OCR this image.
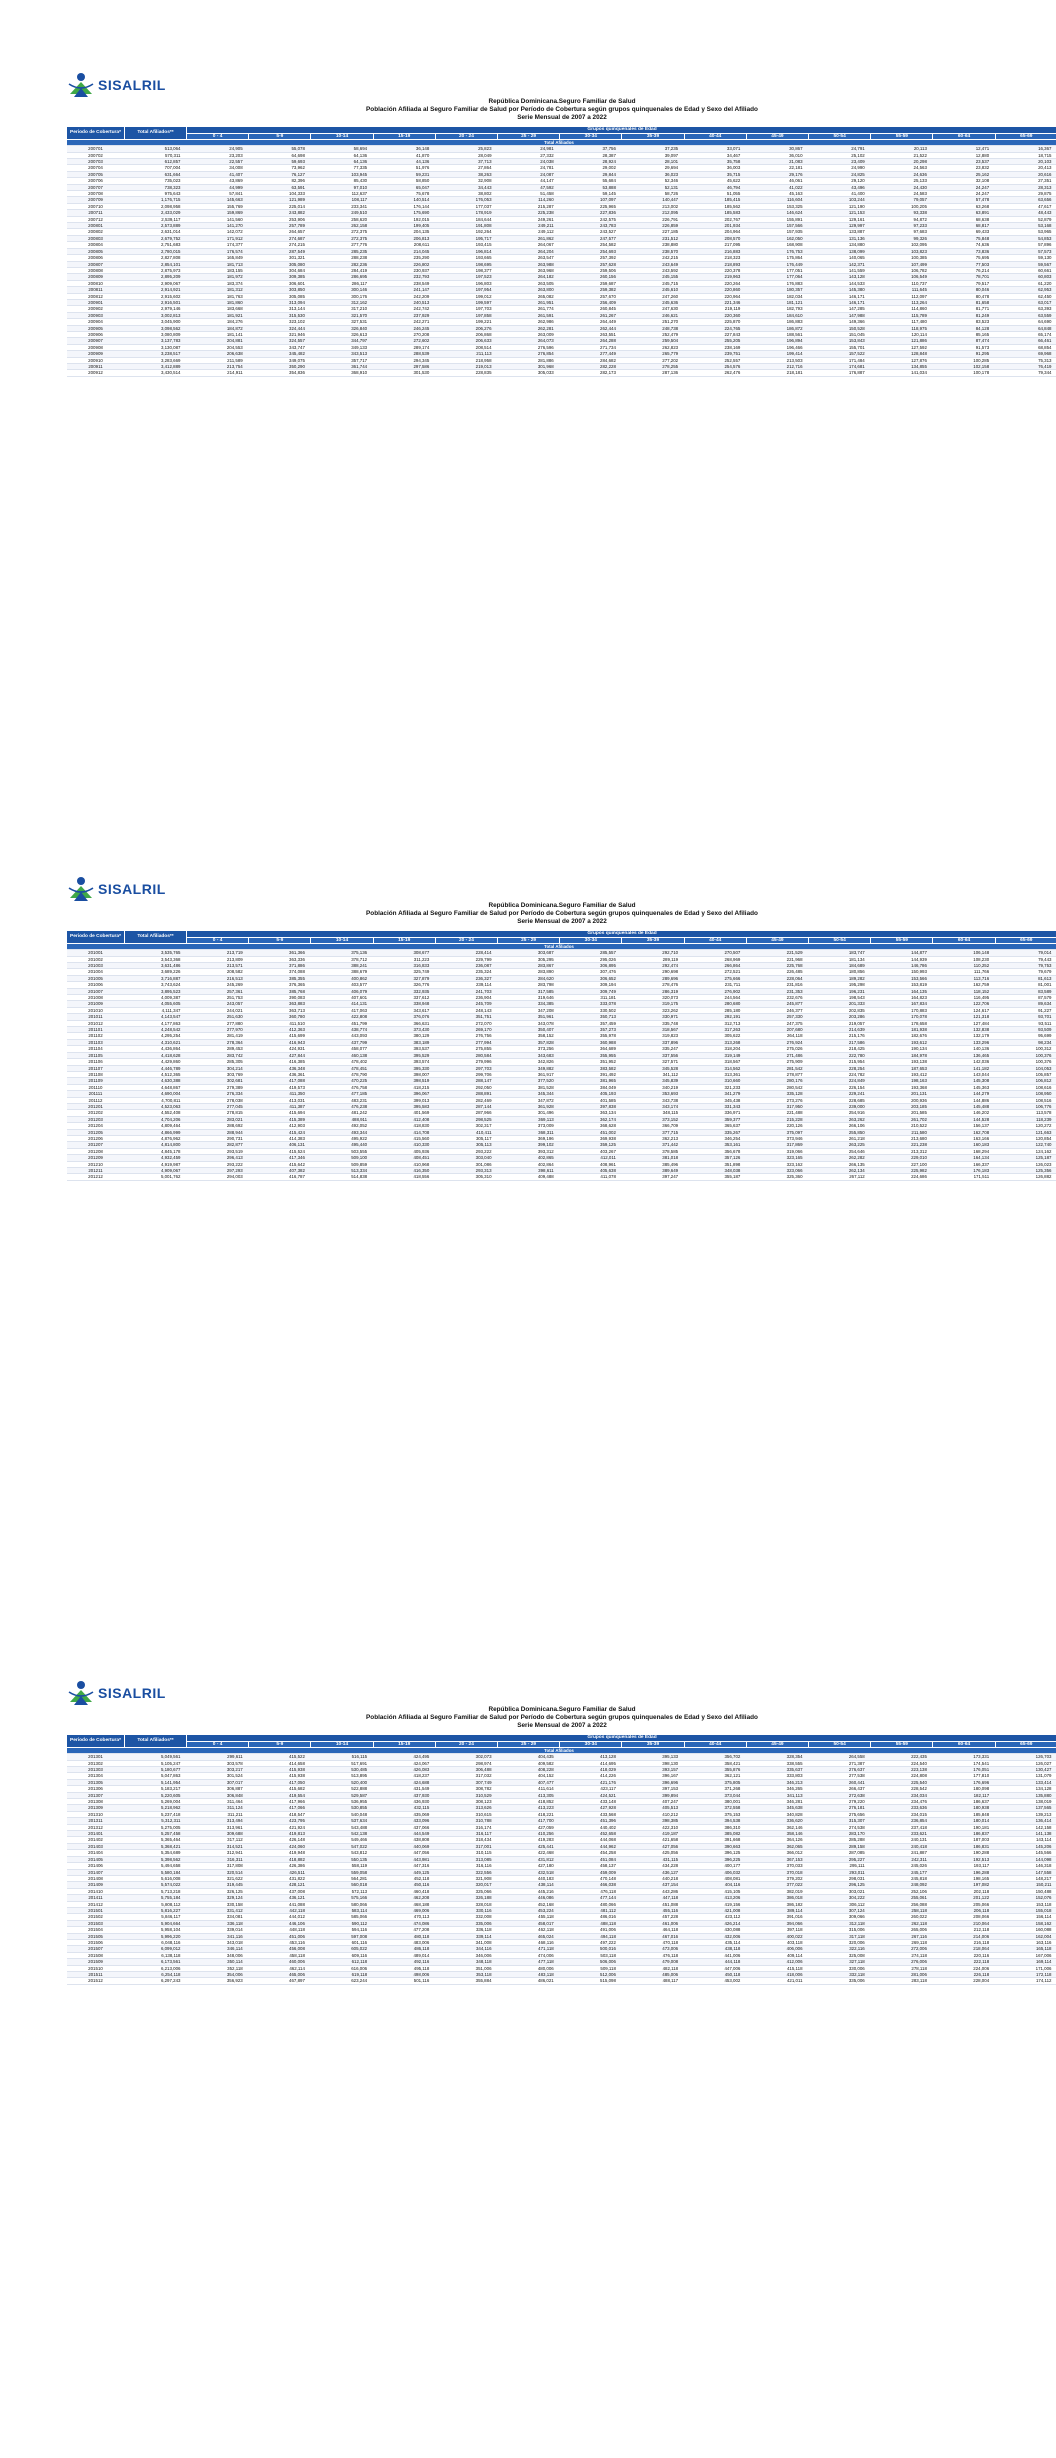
SISALRIL
República Dominicana.Seguro Familiar de Salud
Población Afiliada al Seguro Familiar de Salud por Período de Cobertura según grupos quinquenales de Edad y Sexo del Afiliado
Serie Mensual de 2007 a 2022
Periodo de Cobertura*	Total Afiliados**	Grupos quinquenales de Edad													
		0 - 4	5-9	10-14	15-19	20 - 24	25 - 29	30-34	35-39	40-44	45-49	50-54	55-59	60-64	65-69
Total Afiliados															
200701	513,064	24,905	55,078	58,694	36,148	25,823	24,981	37,756	37,235	33,071	30,867	24,791	20,113	12,471	16,367
200702	570,311	23,203	64,698	64,136	41,870	28,049	27,332	28,387	39,097	34,467	36,010	25,102	21,522	12,880	18,715
200703	612,857	22,557	59,693	64,136	44,136	37,713	24,038	28,924	28,101	35,758	21,083	23,409	20,298	23,537	20,103
200704	707,004	34,008	73,962	77,335	51,976	27,864	24,781	29,002	29,694	36,003	22,181	24,990	24,563	23,832	20,413
200705	631,664	41,407	76,127	103,945	59,231	38,263	24,087	29,844	36,023	35,715	29,176	24,825	24,636	25,162	20,616
200706	735,023	43,869	82,396	85,430	58,850	32,908	44,147	55,684	52,346	45,622	46,061	29,120	25,133	32,108	27,351
200707	738,323	44,999	63,591	97,010	65,047	34,443	47,592	53,888	52,131	46,794	41,022	43,496	24,430	24,247	28,313
200708	975,643	57,841	104,333	112,637	75,678	38,802	51,458	59,145	58,726	51,055	45,163	41,400	24,583	24,247	29,875
200709	1,176,715	145,663	121,989	108,117	140,514	176,053	114,260	107,097	140,447	185,415	116,604	103,244	79,057	57,478	63,656
200710	2,098,958	155,769	225,014	233,341	176,144	177,037	215,287	225,965	213,002	185,562	153,325	121,190	100,205	63,268	47,617
200711	2,433,029	159,869	243,882	249,510	175,690	178,919	225,238	227,836	212,095	185,583	146,624	121,153	93,338	63,891	48,443
200712	2,539,117	141,560	253,906	258,620	192,015	184,644	249,261	242,575	226,791	202,767	155,891	129,161	94,872	68,638	52,879
200801	2,573,889	141,270	257,789	262,158	199,405	191,808	249,211	243,783	226,859	201,934	157,566	129,997	97,233	68,817	53,168
200802	2,631,014	142,072	264,657	272,375	204,135	192,264	249,112	243,527	227,185	204,964	157,935	133,887	97,683	69,433	53,965
200803	2,679,752	171,912	274,687	272,375	206,813	195,717	261,862	247,577	231,512	208,570	162,050	131,136	99,326	75,848	54,853
200804	2,751,683	174,377	274,215	277,776	208,611	193,415	264,067	254,582	238,880	217,095	168,908	134,880	102,095	74,636	57,896
200805	2,780,015	176,574	287,549	285,235	214,045	196,814	264,204	254,693	238,570	216,883	176,753	138,099	103,823	73,836	57,573
200806	2,827,808	165,849	301,321	288,238	235,290	193,665	263,547	257,392	242,215	218,323	175,864	140,065	100,385	75,695	59,130
200807	2,854,101	181,713	305,080	282,236	226,802	198,695	263,988	257,628	243,649	218,893	176,449	142,371	107,499	77,503	59,567
200808	2,875,973	183,155	304,684	284,419	230,937	198,377	263,968	259,506	243,592	220,378	177,051	141,559	106,782	76,214	60,661
200809	2,895,209	181,972	309,385	286,695	232,793	197,523	264,182	260,156	245,155	219,963	177,064	143,128	106,549	78,701	60,803
200810	2,909,067	183,374	306,601	286,117	238,549	196,803	263,505	259,687	245,715	220,264	176,883	144,533	110,737	79,517	61,220
200811	2,914,921	181,312	303,850	300,146	241,147	197,954	263,800	259,382	245,610	220,860	180,357	145,380	111,645	80,046	62,953
200812	2,915,602	181,763	305,085	300,176	242,209	199,012	265,082	257,670	247,260	220,964	182,034	146,171	112,097	80,478	62,450
200901	2,916,501	181,860	313,094	312,162	240,513	199,597	261,951	256,409	245,636	221,346	181,121	146,171	113,264	81,658	63,017
200902	2,979,146	183,668	313,144	317,210	242,742	197,703	261,774	260,845	247,630	219,119	182,793	147,285	114,860	81,771	63,393
200903	3,002,813	181,921	315,530	321,570	237,929	197,858	261,591	261,267	246,621	220,360	184,610	147,988	115,789	81,249	63,559
200904	3,045,900	184,276	323,102	327,531	242,271	199,221	262,986	264,449	251,270	225,870	186,883	149,366	117,480	83,523	64,690
200905	3,098,562	184,872	324,444	326,840	246,245	206,276	262,281	262,444	248,738	224,765	186,872	150,528	118,975	84,128	64,848
200906	3,080,809	181,141	321,946	326,613	270,208	206,868	263,009	263,551	252,479	227,843	188,561	151,045	120,114	85,165	65,174
200907	3,137,783	204,881	324,557	344,797	272,602	206,633	264,073	264,288	259,504	255,205	196,894	153,843	121,886	87,474	66,461
200908	3,130,087	204,553	343,747	349,133	289,174	208,514	276,596	271,734	262,823	238,169	196,466	155,701	127,592	91,573	68,854
200909	3,238,517	206,638	345,482	343,513	288,539	211,113	276,854	277,449	265,779	239,751	199,414	157,522	128,848	91,295	69,968
200910	3,283,669	211,589	349,075	357,717	294,345	218,958	281,886	284,682	277,202	252,557	213,503	171,484	127,876	100,285	75,313
200911	3,412,889	213,754	350,290	361,744	297,586	219,013	301,968	282,228	278,255	254,576	212,716	174,681	134,855	102,158	76,419
200912	3,430,514	214,911	354,836	368,910	301,530	228,835	305,033	282,173	287,136	262,476	218,181	176,887	141,034	100,178	79,344
SISALRIL
República Dominicana.Seguro Familiar de Salud
Población Afiliada al Seguro Familiar de Salud por Período de Cobertura según grupos quinquenales de Edad y Sexo del Afiliado
Serie Mensual de 2007 a 2022
Periodo de Cobertura*	Total Afiliados**	Grupos quinquenales de Edad													
		0 - 4	5-9	10-14	15-19	20 - 24	25 - 29	30-34	35-39	40-44	45-49	50-54	55-59	60-64	65-69
Total Afiliados															
201001	3,535,765	213,719	361,366	375,136	308,677	228,414	303,687	285,557	292,710	270,507	221,529	183,747	144,877	106,148	79,014
201002	3,543,368	213,809	363,336	378,712	311,223	229,799	305,295	295,026	289,119	268,969	221,968	181,134	144,939	108,230	79,443
201003	3,631,486	213,571	371,886	388,241	316,833	236,087	283,867	306,895	292,474	266,864	225,768	184,689	146,786	110,252	79,753
201004	3,689,226	208,582	374,088	388,679	325,749	235,324	283,890	307,476	290,698	272,521	226,485	180,856	150,993	111,766	79,679
201005	3,716,887	216,513	385,355	400,862	327,879	236,327	284,620	306,652	289,696	275,666	228,064	189,282	153,566	113,716	81,613
201006	3,743,624	245,269	376,365	403,577	326,776	239,114	283,798	309,194	278,476	231,711	231,816	195,298	153,819	162,759	81,001
201007	3,895,523	257,361	385,768	406,079	332,935	241,703	317,585	309,749	286,319	276,902	231,353	196,231	164,135	118,152	83,589
201008	4,009,387	251,753	390,083	407,601	337,612	236,904	319,646	311,181	320,073	244,564	232,676	198,543	164,823	116,495	87,579
201009	4,055,605	243,057	363,883	414,131	338,948	245,709	334,385	333,078	319,175	280,680	245,877	201,333	167,834	122,706	89,634
201010	4,111,347	244,021	363,713	417,063	343,617	248,143	347,208	330,502	323,262	285,180	246,377	202,835	170,883	124,617	91,227
201011	4,143,547	251,630	360,780	422,808	376,076	351,751	351,961	350,713	330,971	292,191	257,330	203,286	170,078	121,318	93,701
201012	4,177,863	277,880	411,510	451,799	366,631	272,070	343,078	357,459	335,748	312,713	247,375	219,057	178,658	127,484	93,511
201101	4,248,542	277,970	412,363	438,774	373,430	269,170	350,407	357,273	318,567	317,263	207,680	214,639	181,938	132,838	93,509
201102	4,295,254	281,419	415,699	443,093	380,129	276,756	358,152	355,978	319,823	305,622	264,118	215,176	182,676	132,179	95,699
201103	4,310,621	278,364	416,943	437,799	383,189	277,994	357,828	360,988	337,896	313,268	276,924	217,586	193,612	133,296	98,234
201104	4,436,864	289,453	424,931	458,077	393,537	275,855	373,256	364,689	335,247	318,204	275,026	218,425	190,134	140,136	100,312
201105	4,418,628	283,742	427,844	460,138	395,529	280,584	343,683	355,955	337,556	319,149	271,486	222,780	184,978	136,465	100,376
201106	4,429,860	285,305	416,385	478,402	393,574	279,996	342,826	351,952	327,571	318,567	275,909	215,954	193,138	142,036	100,376
201107	4,446,789	304,214	436,348	478,451	395,330	297,703	349,882	383,582	345,528	314,562	281,542	228,254	187,653	141,182	104,053
201108	4,512,365	303,769	436,361	478,790	398,007	299,706	361,917	391,492	341,112	313,361	278,877	224,782	193,412	143,044	105,857
201109	4,630,388	302,681	417,088	470,225	398,519	288,147	377,520	381,965	345,839	310,660	280,176	224,849	198,163	145,308	106,812
201110	4,648,867	279,389	419,573	476,758	418,215	292,050	381,528	384,049	340,219	321,233	280,542	226,154	193,368	145,363	108,616
201111	4,690,004	276,334	411,350	477,185	396,067	288,891	345,344	405,193	353,693	341,279	335,128	229,241	201,131	144,279	108,950
201112	4,700,811	278,038	413,031	483,231	399,013	282,469	347,872	401,585	343,738	345,438	273,276	228,685	200,936	144,886	108,516
201201	4,523,063	277,045	411,387	476,238	395,583	287,144	361,928	397,838	343,174	331,343	317,950	239,000	203,185	145,488	106,776
201202	4,552,408	278,815	415,694	481,242	401,569	287,966	301,496	363,134	348,115	336,971	221,488	254,916	201,585	146,202	113,578
201203	4,704,206	283,021	415,389	488,911	412,408	298,525	369,113	362,174	373,152	359,377	215,228	263,262	261,702	144,528	118,239
201204	4,809,464	288,692	412,903	492,052	418,830	302,317	373,009	368,628	366,709	365,637	220,126	266,106	210,522	156,137	120,272
201205	4,866,999	288,944	415,424	493,344	414,708	410,411	368,311	451,002	377,715	335,267	375,097	255,850	211,580	162,708	121,663
201206	4,876,962	290,731	414,383	495,922	415,560	305,117	369,196	369,938	362,213	346,254	373,946	261,218	213,680	163,166	120,854
201207	4,814,800	282,877	406,131	495,440	410,330	305,113	399,102	359,125	371,442	353,161	317,869	263,225	221,238	160,183	122,740
201208	4,845,178	293,519	415,524	503,555	405,936	293,222	393,312	403,267	378,585	356,678	319,066	254,646	213,312	168,294	124,162
201209	4,932,459	296,413	417,346	509,100	408,451	303,040	402,865	412,011	381,018	357,126	323,165	262,282	229,010	164,134	125,187
201210	4,919,987	293,222	415,642	509,859	410,968	301,086	402,864	408,961	385,496	351,898	323,162	266,135	227,100	166,337	126,023
201211	4,909,067	297,293	407,382	513,334	416,350	293,313	398,611	405,638	389,649	348,038	323,066	262,134	225,982	176,183	125,356
201212	5,001,762	294,003	416,787	514,838	418,556	305,310	409,488	411,078	397,247	355,187	325,360	267,112	224,686	171,511	126,882
SISALRIL
República Dominicana.Seguro Familiar de Salud
Población Afiliada al Seguro Familiar de Salud por Período de Cobertura según grupos quinquenales de Edad y Sexo del Afiliado
Serie Mensual de 2007 a 2022
Periodo de Cobertura*	Total Afiliados**	Grupos quinquenales de Edad													
		0 - 4	5-9	10-14	15-19	20 - 24	25 - 29	30-34	35-39	40-44	45-49	50-54	55-59	60-64	65-69
Total Afiliados															
201301	5,049,561	299,611	415,522	516,115	424,495	302,073	404,435	413,128	395,133	356,702	328,354	264,558	222,435	173,331	126,703
201302	5,105,247	303,578	414,658	517,691	424,067	298,974	409,582	414,695	398,130	358,421	338,555	271,387	224,540	174,541	126,027
201303	5,180,677	303,217	415,938	530,485	426,083	306,488	408,228	418,029	393,157	355,876	335,637	276,637	223,138	176,051	130,427
201304	5,047,863	301,524	415,938	513,895	418,237	317,032	404,152	414,226	396,167	362,121	333,803	277,538	224,808	177,810	131,079
201305	5,141,954	307,017	417,050	520,400	424,688	307,749	407,477	421,176	396,696	375,805	346,213	260,441	225,540	176,696	133,414
201306	5,183,217	306,887	415,682	522,888	431,549	308,782	411,614	423,117	397,153	371,268	346,265	266,437	228,542	180,098	134,128
201307	5,220,605	306,848	419,554	529,587	437,930	310,529	413,305	424,521	399,894	373,044	341,113	272,638	234,034	182,117	135,880
201308	5,269,004	311,464	417,966	536,955	436,930	308,123	418,852	433,148	407,247	380,001	346,281	279,220	234,476	186,637	138,019
201309	5,218,962	311,124	417,066	530,855	432,115	313,626	413,223	427,928	405,513	372,558	345,638	276,181	233,636	180,938	137,565
201310	5,237,418	311,211	418,547	540,048	435,069	310,615	418,221	433,568	410,212	375,153	340,828	275,656	234,015	185,848	139,213
201311	5,312,311	313,494	423,795	537,634	433,096	310,788	417,700	451,396	398,385	394,538	336,620	315,307	236,854	180,014	136,414
201312	5,275,005	313,961	421,924	543,488	437,066	316,174	427,059	440,402	422,310	386,310	362,146	274,538	237,418	190,181	142,158
201401	5,257,458	309,688	419,813	542,138	444,549	316,117	410,256	452,658	419,187	385,082	358,146	283,170	233,621	186,837	141,138
201402	5,365,464	317,112	426,148	549,466	438,808	318,434	419,283	444,068	421,658	391,668	364,126	285,288	240,131	187,003	143,114
201403	5,368,421	314,521	424,060	547,022	440,069	317,001	425,441	444,962	427,056	390,663	362,065	289,158	240,418	186,831	145,206
201404	5,354,689	312,941	419,948	543,812	447,056	310,115	422,468	454,258	425,056	396,125	366,012	287,085	241,887	190,288	145,566
201405	5,398,562	316,311	418,882	550,135	443,981	313,085	431,812	451,084	431,115	396,225	367,153	295,227	242,311	192,513	144,098
201406	5,494,658	317,808	426,386	558,119	447,316	316,116	427,180	458,137	434,228	400,177	370,033	295,111	245,026	193,117	146,318
201407	5,580,184	320,514	426,511	559,058	449,125	322,556	432,518	459,009	436,127	406,032	370,018	293,011	245,177	196,288	147,558
201408	5,616,008	321,622	431,822	564,281	452,118	321,908	440,183	470,148	440,218	408,081	379,202	298,031	245,818	198,165	148,217
201409	5,574,022	319,445	428,121	560,018	450,116	320,017	438,114	466,038	437,154	404,116	377,022	296,125	248,092	197,082	150,211
201410	5,713,218	326,125	437,008	572,113	460,418	325,066	445,216	476,118	443,286	415,105	382,019	303,021	252,106	202,118	150,488
201411	5,755,184	329,124	436,121	575,166	462,208	326,188	446,086	477,144	447,118	413,206	386,018	304,222	255,061	201,122	152,076
201412	5,808,112	330,158	441,088	580,066	468,188	328,018	452,168	480,066	451,088	419,156	386,182	306,112	256,088	205,066	153,118
201501	5,816,227	331,412	442,118	583,114	469,006	330,116	453,224	481,112	455,116	421,008	389,114	307,124	258,118	206,118	155,018
201502	5,846,117	334,081	444,012	585,066	470,113	332,008	455,118	486,016	457,228	423,112	391,016	309,066	260,022	208,066	156,114
201503	5,904,664	336,118	446,106	590,112	474,086	335,006	458,017	488,118	461,006	426,214	394,066	312,118	262,118	210,064	158,162
201504	5,958,104	339,014	448,118	594,116	477,208	336,118	462,118	491,006	464,118	430,088	397,118	315,006	265,006	212,118	160,088
201505	5,996,220	341,116	451,006	597,008	480,118	339,114	465,024	494,118	467,016	432,006	400,022	317,118	267,116	214,006	162,004
201506	6,048,116	343,018	453,116	601,116	483,006	341,008	468,116	497,222	470,118	435,114	403,118	320,006	269,118	216,118	163,116
201507	6,099,012	346,114	456,008	605,022	486,118	344,116	471,118	500,016	473,006	438,118	406,006	322,116	272,006	218,064	165,118
201508	6,138,118	348,006	458,118	609,116	489,014	346,006	474,006	503,118	476,118	441,006	409,114	325,008	274,118	220,116	167,006
201509	6,173,561	350,114	460,006	612,118	492,116	348,118	477,118	506,006	479,008	444,118	412,006	327,118	276,006	222,118	169,114
201510	6,213,006	352,118	462,114	616,006	495,118	351,006	480,006	509,118	482,118	447,006	415,118	330,006	278,118	224,006	171,006
201511	6,254,118	354,006	465,006	619,118	498,006	353,118	483,118	512,006	485,006	450,118	418,006	332,118	281,006	226,118	172,118
201512	6,297,243	356,923	467,897	623,244	501,116	355,884	486,021	515,098	488,117	453,002	421,011	335,006	283,118	228,004	174,112
